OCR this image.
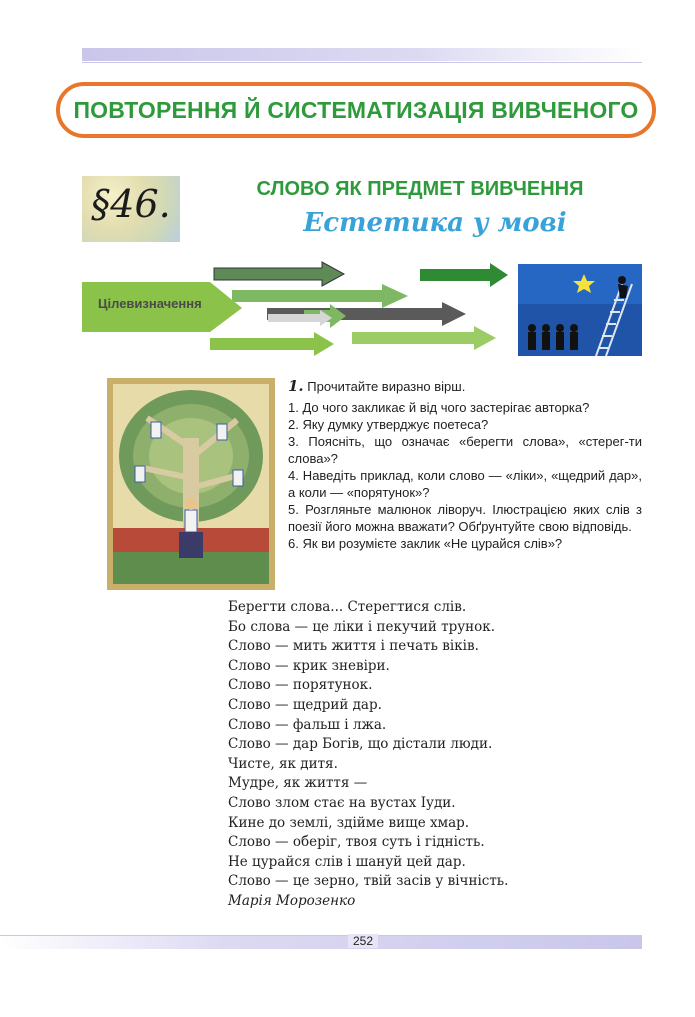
ПОВТОРЕННЯ Й СИСТЕМАТИЗАЦІЯ ВИВЧЕНОГО
§46.	СЛОВО ЯК ПРЕДМЕТ ВИВЧЕННЯ
Естетика у мові
Цілевизначення
1. Прочитайте виразно вірш.
1. До чого закликає й від чого застерігає авторка?
2. Яку думку утверджує поетеса?
3. Поясніть, що означає «берегти слова», «стерег-ти слова»?
4. Наведіть приклад, коли слово — «ліки», «щедрий дар», а коли — «порятунок»?
5. Розгляньте малюнок ліворуч. Ілюстрацією яких слів з поезії його можна вважати? Обґрунтуйте свою відповідь.
6. Як ви розумієте заклик «Не цурайся слів»?
Берегти слова... Стерегтися слів.
Бо слова — це ліки і пекучий трунок.
Слово — мить життя і печать віків.
Слово — крик зневіри.
Слово — порятунок.
Слово — щедрий дар.
Слово — фальш і лжа.
Слово — дар Богів, що дістали люди.
Чисте, як дитя.
Мудре, як життя —
Слово злом стає на вустах Іуди.
Кине до землі, здійме вище хмар.
Слово — оберіг, твоя суть і гідність.
Не цурайся слів і шануй цей дар.
Слово — це зерно, твій засів у вічність.
Марія Морозенко
252
